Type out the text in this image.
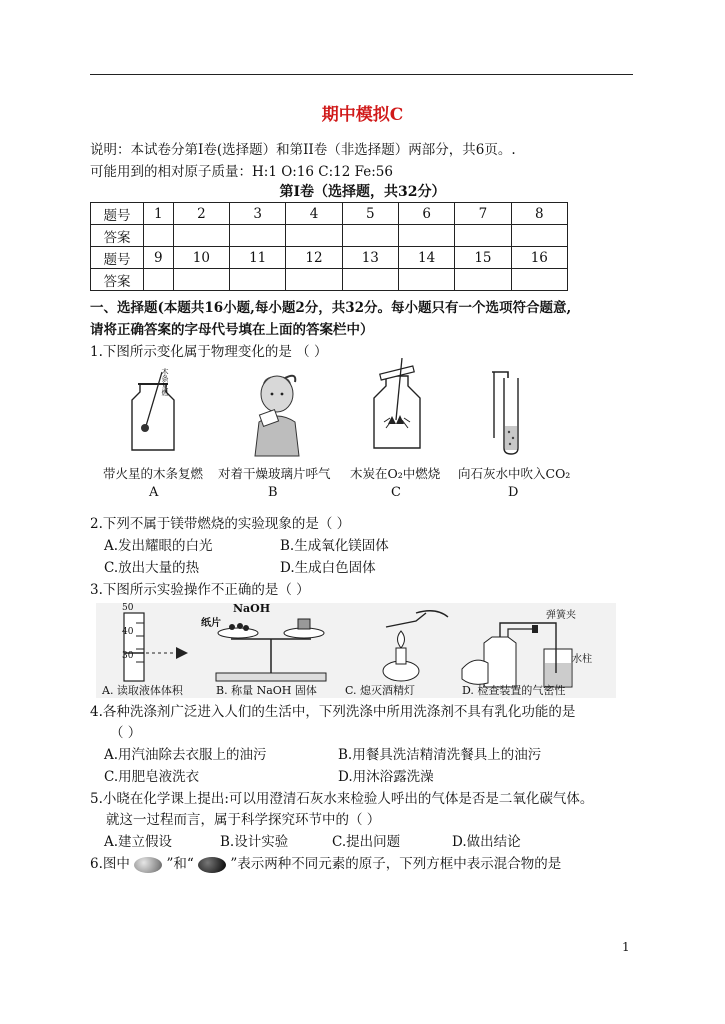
期中模拟C
说明：本试卷分第Ⅰ卷(选择题）和第II卷（非选择题）两部分，共6页。.
可能用到的相对原子质量：H:1 O:16 C:12 Fe:56
第Ⅰ卷（选择题，共32分）
题号	1	2	3	4	5	6	7	8
答案								
题号	9	10	11	12	13	14	15	16
答案								
一、选择题(本题共16小题,每小题2分，共32分。每小题只有一个选项符合题意,
请将正确答案的字母代号填在上面的答案栏中）
1.下图所示变化属于物理变化的是 （ ）
木条复燃
带火星的木条复燃 对着干燥玻璃片呼气 木炭在O₂中燃烧 向石灰水中吹入CO₂
A	B	C	D
2.下列不属于镁带燃烧的实验现象的是（ ）
A.发出耀眼的白光	B.生成氧化镁固体
C.放出大量的热	D.生成白色固体
3.下图所示实验操作不正确的是（ ）
50
40
30
NaOH
纸片
弹簧夹
水柱
A. 读取液体体积	B. 称量 NaOH 固体	C. 熄灭酒精灯	D. 检查装置的气密性
4.各种洗涤剂广泛进入人们的生活中，下列洗涤中所用洗涤剂不具有乳化功能的是
（ ）
A.用汽油除去衣服上的油污	B.用餐具洗洁精清洗餐具上的油污
C.用肥皂液洗衣	D.用沐浴露洗澡
5.小晓在化学课上提出:可以用澄清石灰水来检验人呼出的气体是否是二氧化碳气体。
就这一过程而言，属于科学探究环节中的（ ）
A.建立假设	B.设计实验	C.提出问题	D.做出结论
6.图中	”和“	”表示两种不同元素的原子，下列方框中表示混合物的是
1
